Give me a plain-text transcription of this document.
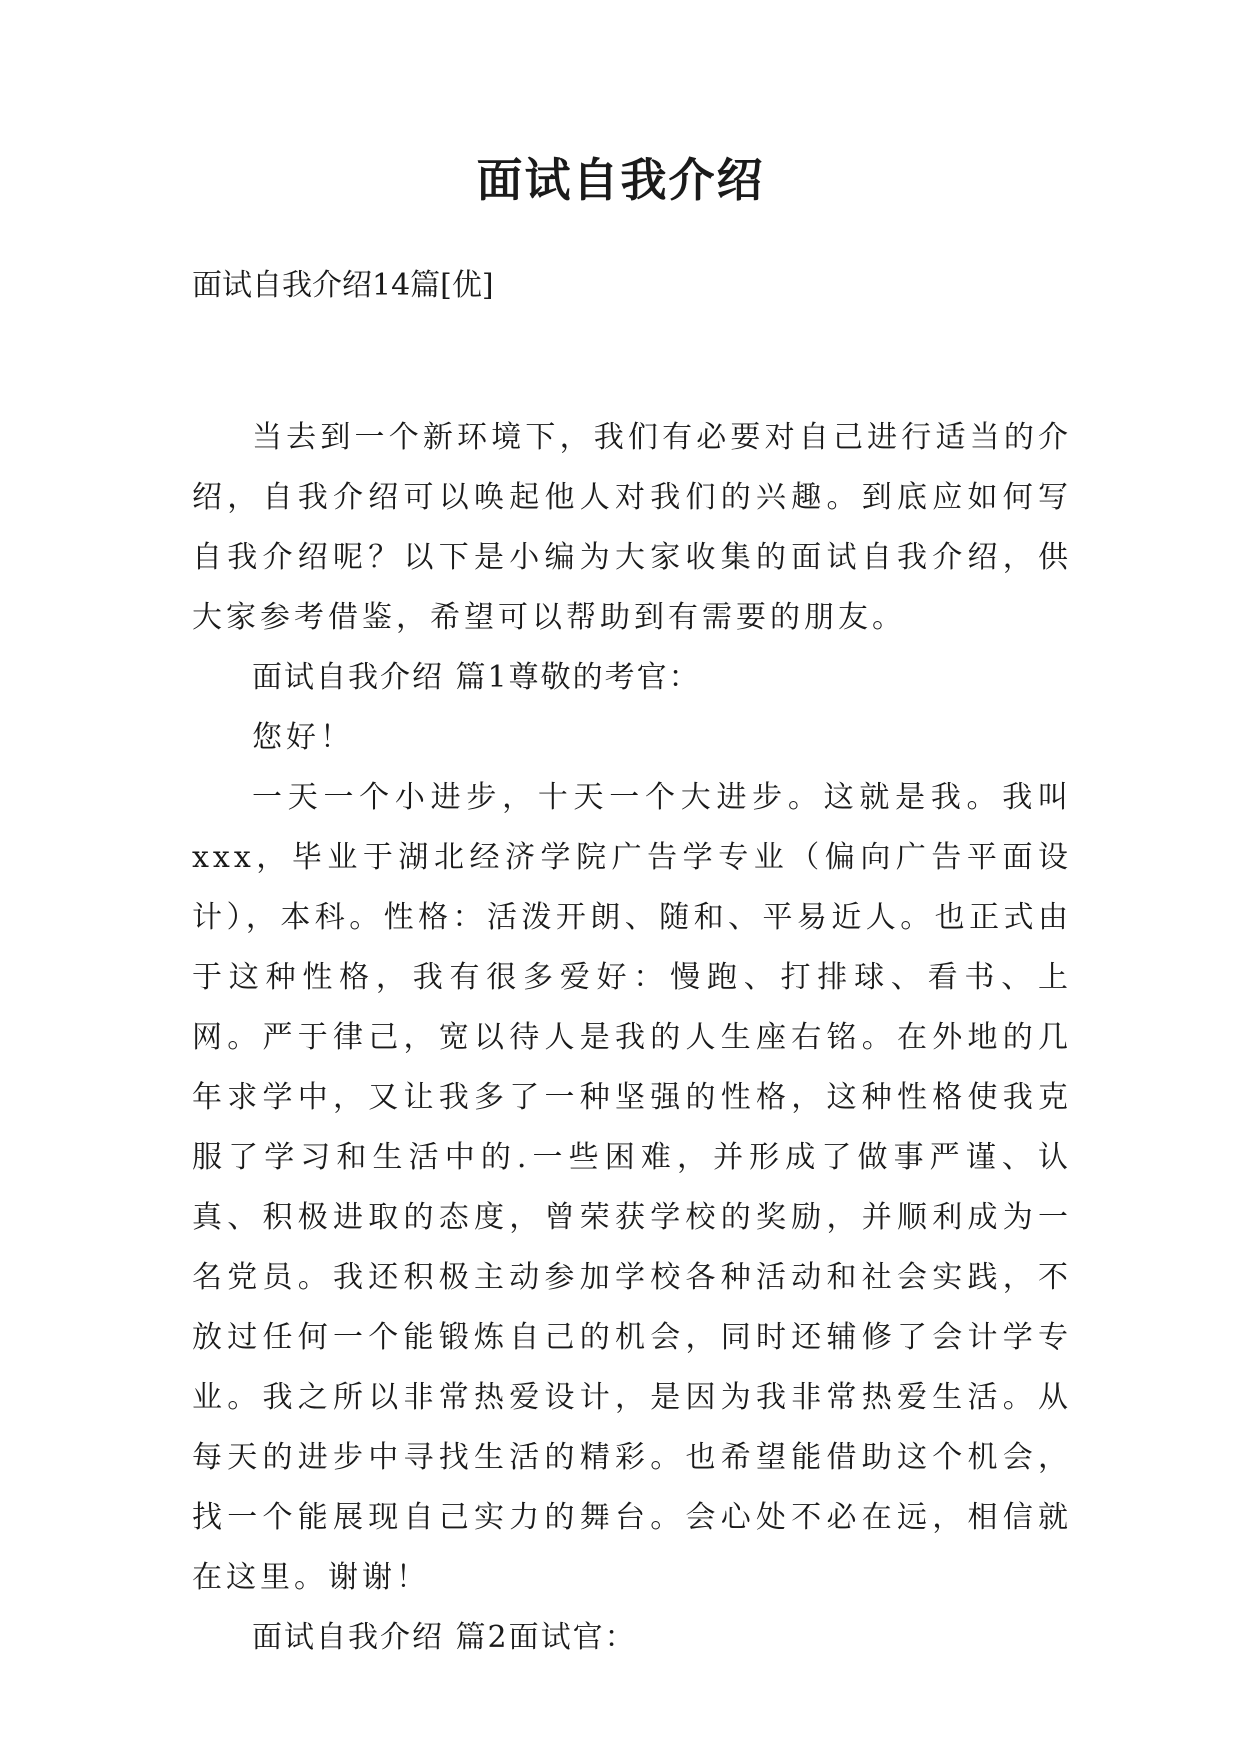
面试自我介绍

面试自我介绍14篇[优]

当去到一个新环境下，我们有必要对自己进行适当的介绍，自我介绍可以唤起他人对我们的兴趣。到底应如何写自我介绍呢？以下是小编为大家收集的面试自我介绍，供大家参考借鉴，希望可以帮助到有需要的朋友。

面试自我介绍 篇1尊敬的考官：

您好！

一天一个小进步，十天一个大进步。这就是我。我叫xxx，毕业于湖北经济学院广告学专业（偏向广告平面设计），本科。性格：活泼开朗、随和、平易近人。也正式由于这种性格，我有很多爱好：慢跑、打排球、看书、上网。严于律己，宽以待人是我的人生座右铭。在外地的几年求学中，又让我多了一种坚强的性格，这种性格使我克服了学习和生活中的.一些困难，并形成了做事严谨、认真、积极进取的态度，曾荣获学校的奖励，并顺利成为一名党员。我还积极主动参加学校各种活动和社会实践，不放过任何一个能锻炼自己的机会，同时还辅修了会计学专业。我之所以非常热爱设计，是因为我非常热爱生活。从每天的进步中寻找生活的精彩。也希望能借助这个机会，找一个能展现自己实力的舞台。会心处不必在远，相信就在这里。谢谢！

面试自我介绍 篇2面试官：
